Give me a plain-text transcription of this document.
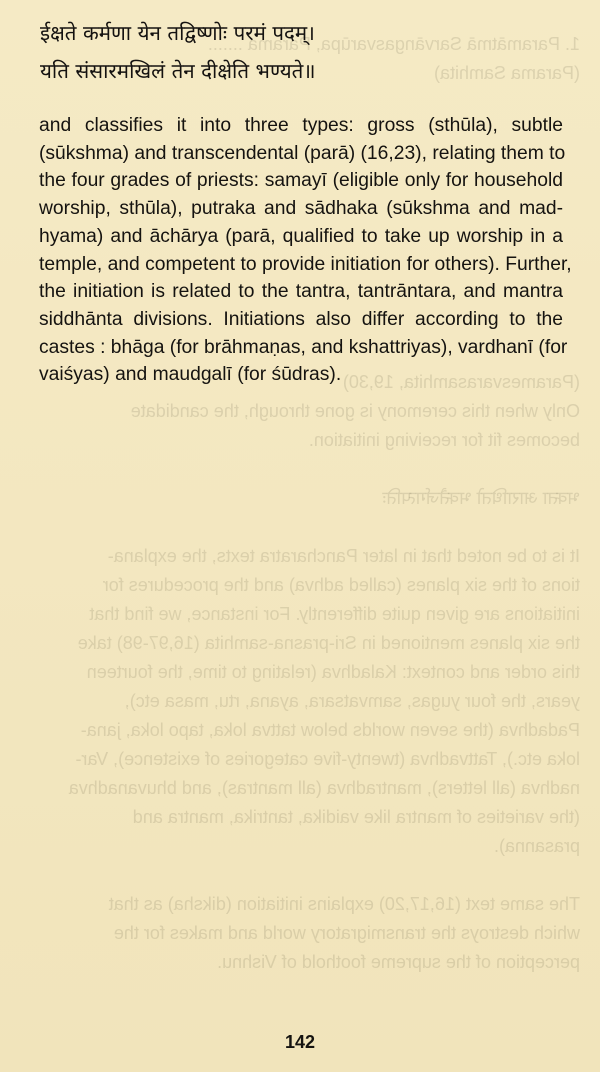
1. Paramātmā Sarvāngasvarūpa, Parama .......
(Parama Samhita)
(Paramesvarasamhita, 19,30)
Only when this ceremony is gone through, the candidate
becomes fit for receiving initiation.

भक्ता आराधितो भक्तैर्जगत्पतिः

It is to be noted that in later Pancharatra texts, the explana-
tions of the six planes (called adhva) and the procedures for
initiations are given quite differently. For instance, we find that
the six planes mentioned in Sri-prasna-samhita (16,97-98) take
this order and context: Kaladhva (relating to time, the fourteen
years, the four yugas, samvatsara, ayana, rtu, masa etc),
Padadhva (the seven worlds below tattva loka, tapo loka, jana-
loka etc.), Tattvadhva (twenty-five categories of existence), Var-
nadhva (all letters), mantradhva (all mantras), and bhuvanadhva
(the varieties of mantra like vaidika, tantrika, mantra and
prasanna).

The same text (16,17,20) explains initiation (diksha) as that
which destroys the transmigratory world and makes for the
perception of the supreme foothold of Vishnu.
ईक्षते कर्मणा येन तद्विष्णोः परमं पदम्।
यति संसारमखिलं तेन दीक्षेति भण्यते॥
and classifies it into three types: gross (sthūla), subtle
(sūkshma) and transcendental (parā) (16,23), relating them to
the four grades of priests: samayī (eligible only for household
worship, sthūla), putraka and sādhaka (sūkshma and mad-
hyama) and āchārya (parā, qualified to take up worship in a
temple, and competent to provide initiation for others). Further,
the initiation is related to the tantra, tantrāntara, and mantra
siddhānta divisions. Initiations also differ according to the
castes : bhāga (for brāhmaṇas, and kshattriyas), vardhanī (for
vaiśyas) and maudgalī (for śūdras).
142
